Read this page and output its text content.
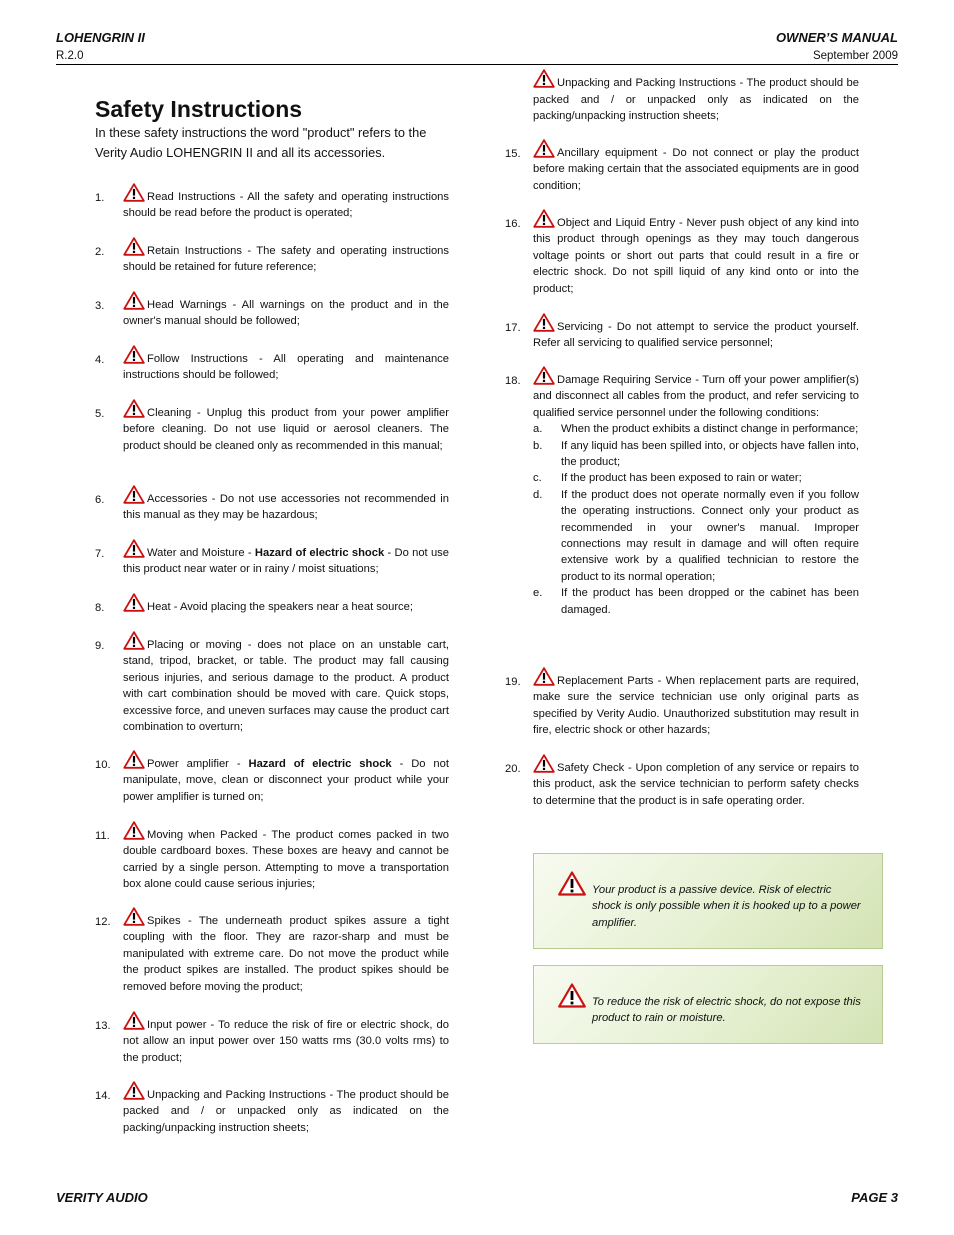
LOHENGRIN II
R.2.0
OWNER’S MANUAL
September 2009
Safety Instructions
In these safety instructions the word "product" refers to the Verity Audio LOHENGRIN II and all its accessories.
1.	Read Instructions - All the safety and operating instructions should be read before the product is operated;
2.	Retain Instructions - The safety and operating instructions should be retained for future reference;
3.	Head Warnings - All warnings on the product and in the owner's manual should be followed;
4.	Follow Instructions - All operating and maintenance instructions should be followed;
5.	Cleaning - Unplug this product from your power amplifier before cleaning. Do not use liquid or aerosol cleaners. The product should be cleaned only as recommended in this manual;
6.	Accessories - Do not use accessories not recommended in this manual as they may be hazardous;
7.	Water and Moisture - Hazard of electric shock - Do not use this product near water or in rainy / moist situations;
8.	Heat - Avoid placing the speakers near a heat source;
9.	Placing or moving - does not place on an unstable cart, stand, tripod, bracket, or table. The product may fall causing serious injuries, and serious damage to the product. A product with cart combination should be moved with care. Quick stops, excessive force, and uneven surfaces may cause the product cart combination to overturn;
10.	Power amplifier - Hazard of electric shock - Do not manipulate, move, clean or disconnect your product while your power amplifier is turned on;
11.	Moving when Packed - The product comes packed in two double cardboard boxes. These boxes are heavy and cannot be carried by a single person. Attempting to move a transportation box alone could cause serious injuries;
12.	Spikes - The underneath product spikes assure a tight coupling with the floor. They are razor-sharp and must be manipulated with extreme care. Do not move the product while the product spikes are installed. The product spikes should be removed before moving the product;
13.	Input power - To reduce the risk of fire or electric shock, do not allow an input power over 150 watts rms (30.0 volts rms) to the product;
14.	Unpacking and Packing Instructions - The product should be packed and / or unpacked only as indicated on the packing/unpacking instruction sheets;
Unpacking and Packing Instructions - The product should be packed and / or unpacked only as indicated on the packing/unpacking instruction sheets;
15.	Ancillary equipment - Do not connect or play the product before making certain that the associated equipments are in good condition;
16.	Object and Liquid Entry - Never push object of any kind into this product through openings as they may touch dangerous voltage points or short out parts that could result in a fire or electric shock. Do not spill liquid of any kind onto or into the product;
17.	Servicing - Do not attempt to service the product yourself. Refer all servicing to qualified service personnel;
18.	Damage Requiring Service - Turn off your power amplifier(s) and disconnect all cables from the product, and refer servicing to qualified service personnel under the following conditions:
a. When the product exhibits a distinct change in performance;
b. If any liquid has been spilled into, or objects have fallen into, the product;
c. If the product has been exposed to rain or water;
d. If the product does not operate normally even if you follow the operating instructions. Connect only your product as recommended in your owner's manual. Improper connections may result in damage and will often require extensive work by a qualified technician to restore the product to its normal operation;
e. If the product has been dropped or the cabinet has been damaged.
19.	Replacement Parts - When replacement parts are required, make sure the service technician use only original parts as specified by Verity Audio. Unauthorized substitution may result in fire, electric shock or other hazards;
20.	Safety Check - Upon completion of any service or repairs to this product, ask the service technician to perform safety checks to determine that the product is in safe operating order.
Your product is a passive device. Risk of electric shock is only possible when it is hooked up to a power amplifier.
To reduce the risk of electric shock, do not expose this product to rain or moisture.
VERITY AUDIO	PAGE 3
